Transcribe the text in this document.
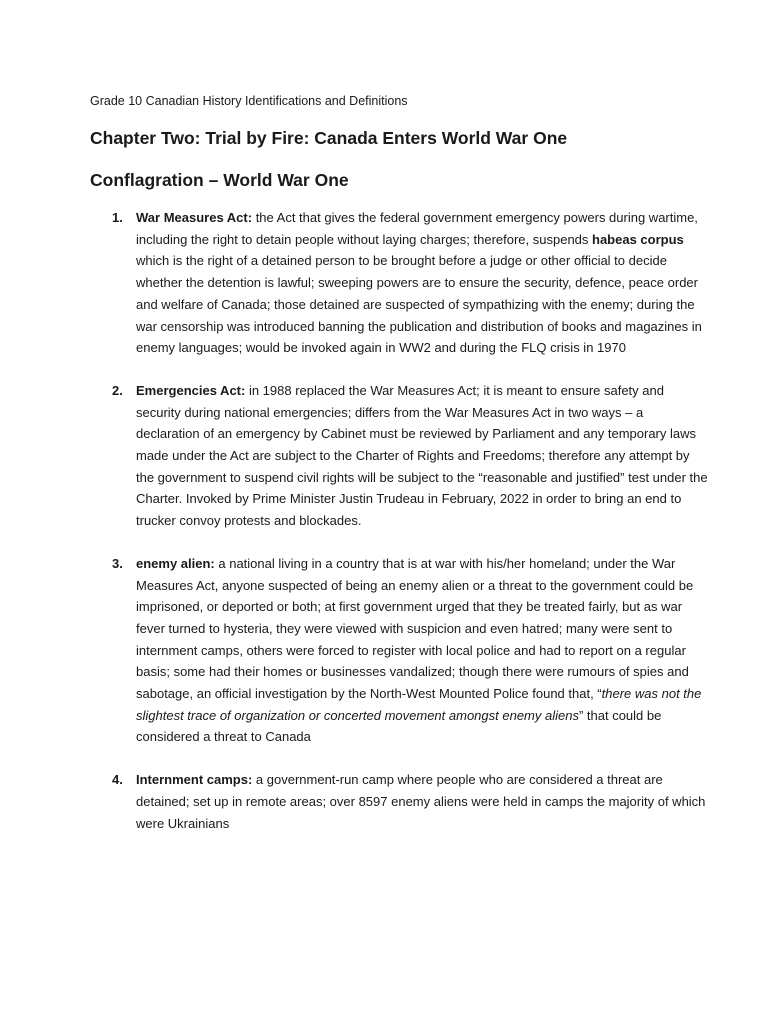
Grade 10 Canadian History Identifications and Definitions

Chapter Two: Trial by Fire: Canada Enters World War One
Conflagration – World War One
1. War Measures Act: the Act that gives the federal government emergency powers during wartime, including the right to detain people without laying charges; therefore, suspends habeas corpus which is the right of a detained person to be brought before a judge or other official to decide whether the detention is lawful; sweeping powers are to ensure the security, defence, peace order and welfare of Canada; those detained are suspected of sympathizing with the enemy; during the war censorship was introduced banning the publication and distribution of books and magazines in enemy languages; would be invoked again in WW2 and during the FLQ crisis in 1970
2. Emergencies Act: in 1988 replaced the War Measures Act; it is meant to ensure safety and security during national emergencies; differs from the War Measures Act in two ways – a declaration of an emergency by Cabinet must be reviewed by Parliament and any temporary laws made under the Act are subject to the Charter of Rights and Freedoms; therefore any attempt by the government to suspend civil rights will be subject to the “reasonable and justified” test under the Charter. Invoked by Prime Minister Justin Trudeau in February, 2022 in order to bring an end to trucker convoy protests and blockades.
3. enemy alien: a national living in a country that is at war with his/her homeland; under the War Measures Act, anyone suspected of being an enemy alien or a threat to the government could be imprisoned, or deported or both; at first government urged that they be treated fairly, but as war fever turned to hysteria, they were viewed with suspicion and even hatred; many were sent to internment camps, others were forced to register with local police and had to report on a regular basis; some had their homes or businesses vandalized; though there were rumours of spies and sabotage, an official investigation by the North-West Mounted Police found that, “there was not the slightest trace of organization or concerted movement amongst enemy aliens” that could be considered a threat to Canada
4. Internment camps: a government-run camp where people who are considered a threat are detained; set up in remote areas; over 8597 enemy aliens were held in camps the majority of which were Ukrainians
